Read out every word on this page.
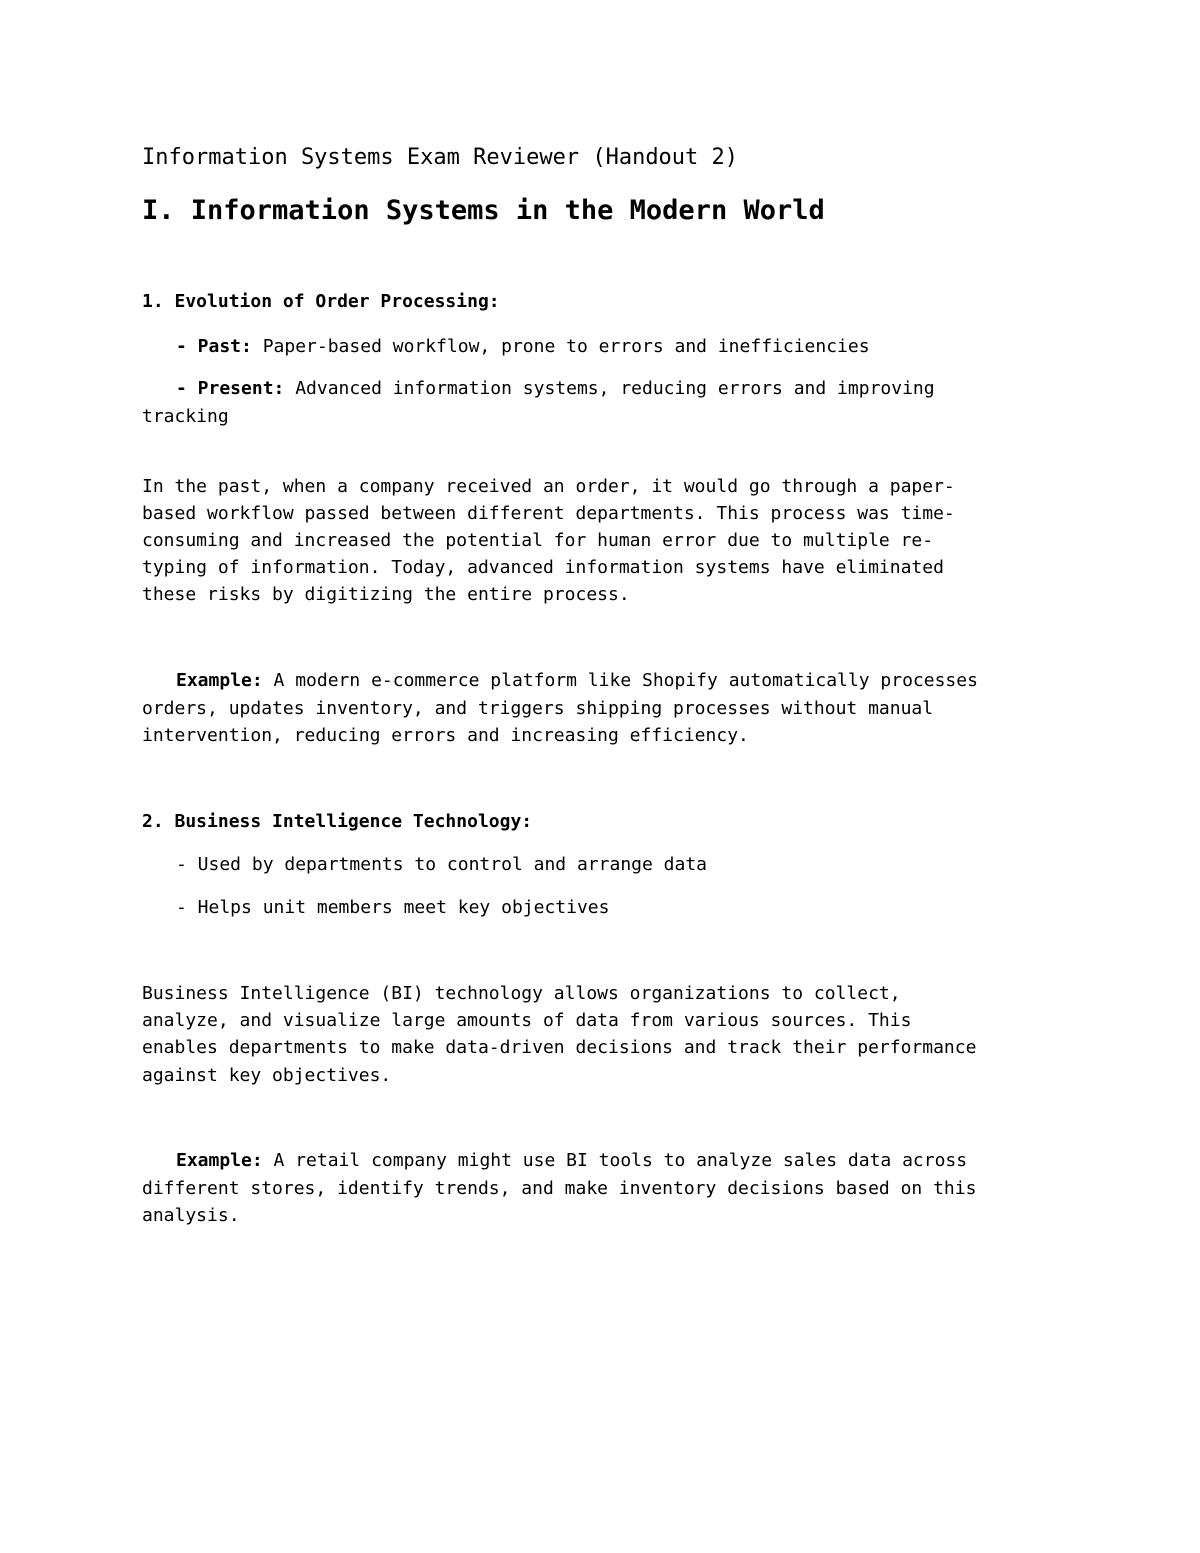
Information Systems Exam Reviewer (Handout 2)
I. Information Systems in the Modern World
1. Evolution of Order Processing:
- Past: Paper-based workflow, prone to errors and inefficiencies
- Present: Advanced information systems, reducing errors and improving
tracking
In the past, when a company received an order, it would go through a paper-
based workflow passed between different departments. This process was time-
consuming and increased the potential for human error due to multiple re-
typing of information. Today, advanced information systems have eliminated
these risks by digitizing the entire process.
Example: A modern e-commerce platform like Shopify automatically processes
orders, updates inventory, and triggers shipping processes without manual
intervention, reducing errors and increasing efficiency.
2. Business Intelligence Technology:
- Used by departments to control and arrange data
- Helps unit members meet key objectives
Business Intelligence (BI) technology allows organizations to collect,
analyze, and visualize large amounts of data from various sources. This
enables departments to make data-driven decisions and track their performance
against key objectives.
Example: A retail company might use BI tools to analyze sales data across
different stores, identify trends, and make inventory decisions based on this
analysis.
